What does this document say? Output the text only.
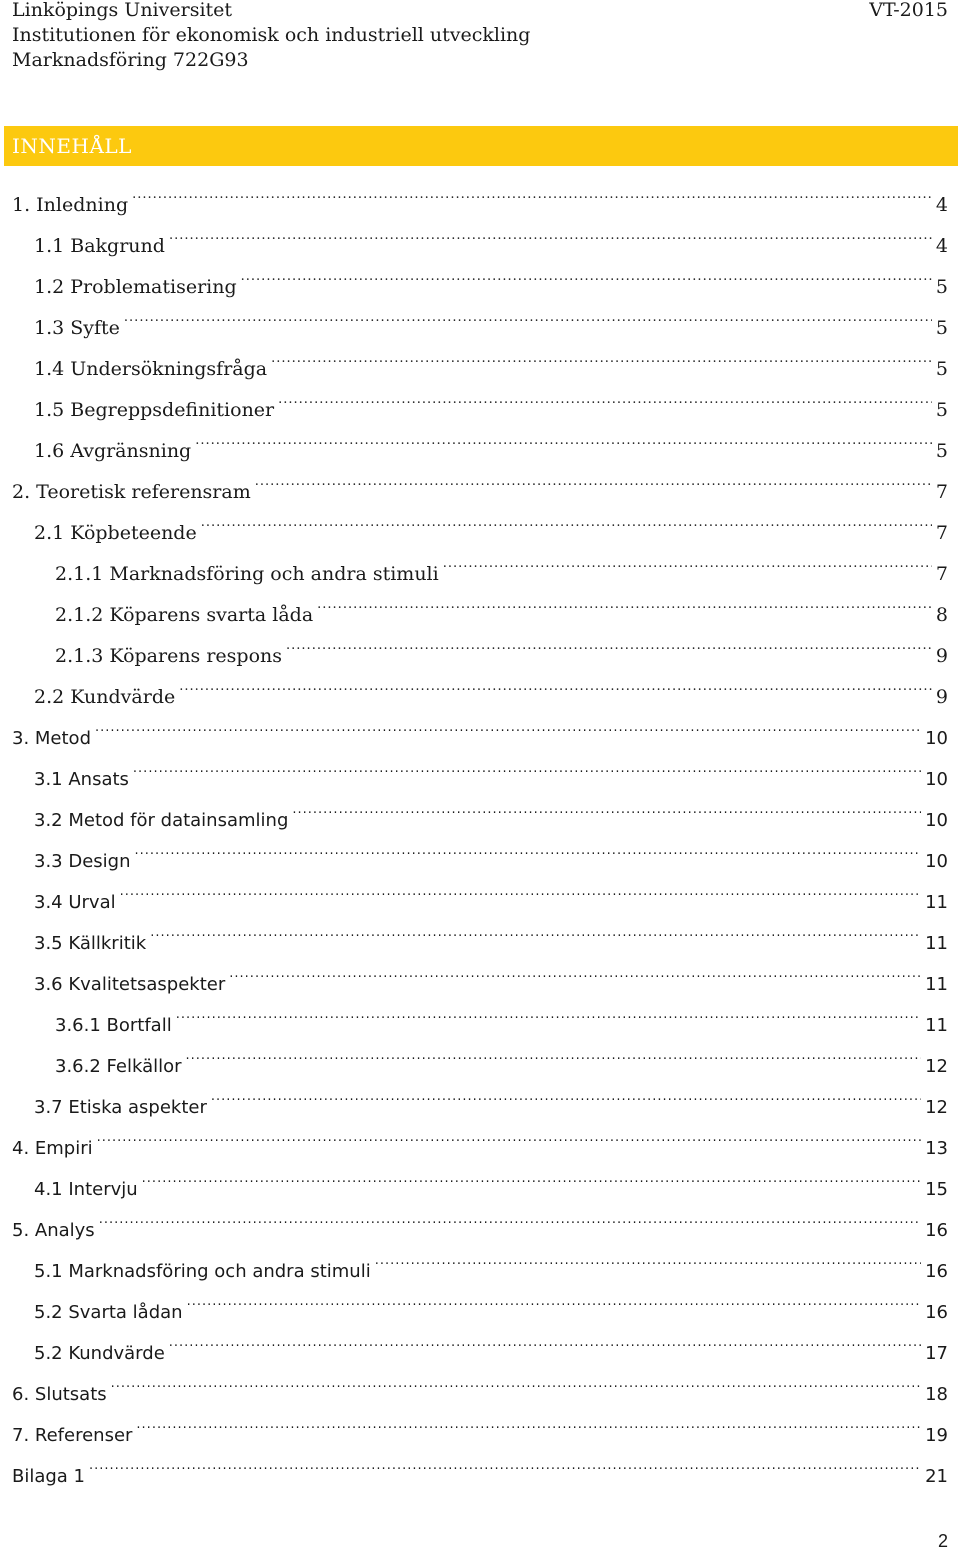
Linköpings Universitet
Institutionen för ekonomisk och industriell utveckling
Marknadsföring 722G93
VT-2015
INNEHÅLL
1. Inledning .....	4
1.1 Bakgrund .....	4
1.2 Problematisering .....	5
1.3 Syfte .....	5
1.4 Undersökningsfråga .....	5
1.5 Begreppsdefinitioner .....	5
1.6 Avgränsning .....	5
2. Teoretisk referensram .....	7
2.1 Köpbeteende .....	7
2.1.1 Marknadsföring och andra stimuli .....	7
2.1.2 Köparens svarta låda .....	8
2.1.3 Köparens respons .....	9
2.2 Kundvärde .....	9
3. Metod .....	10
3.1 Ansats .....	10
3.2 Metod för datainsamling .....	10
3.3 Design .....	10
3.4 Urval .....	11
3.5 Källkritik .....	11
3.6 Kvalitetsaspekter .....	11
3.6.1 Bortfall .....	11
3.6.2 Felkällor .....	12
3.7 Etiska aspekter .....	12
4. Empiri .....	13
4.1 Intervju .....	15
5. Analys .....	16
5.1 Marknadsföring och andra stimuli .....	16
5.2 Svarta lådan .....	16
5.2 Kundvärde .....	17
6. Slutsats .....	18
7. Referenser .....	19
Bilaga 1 .....	21
2
